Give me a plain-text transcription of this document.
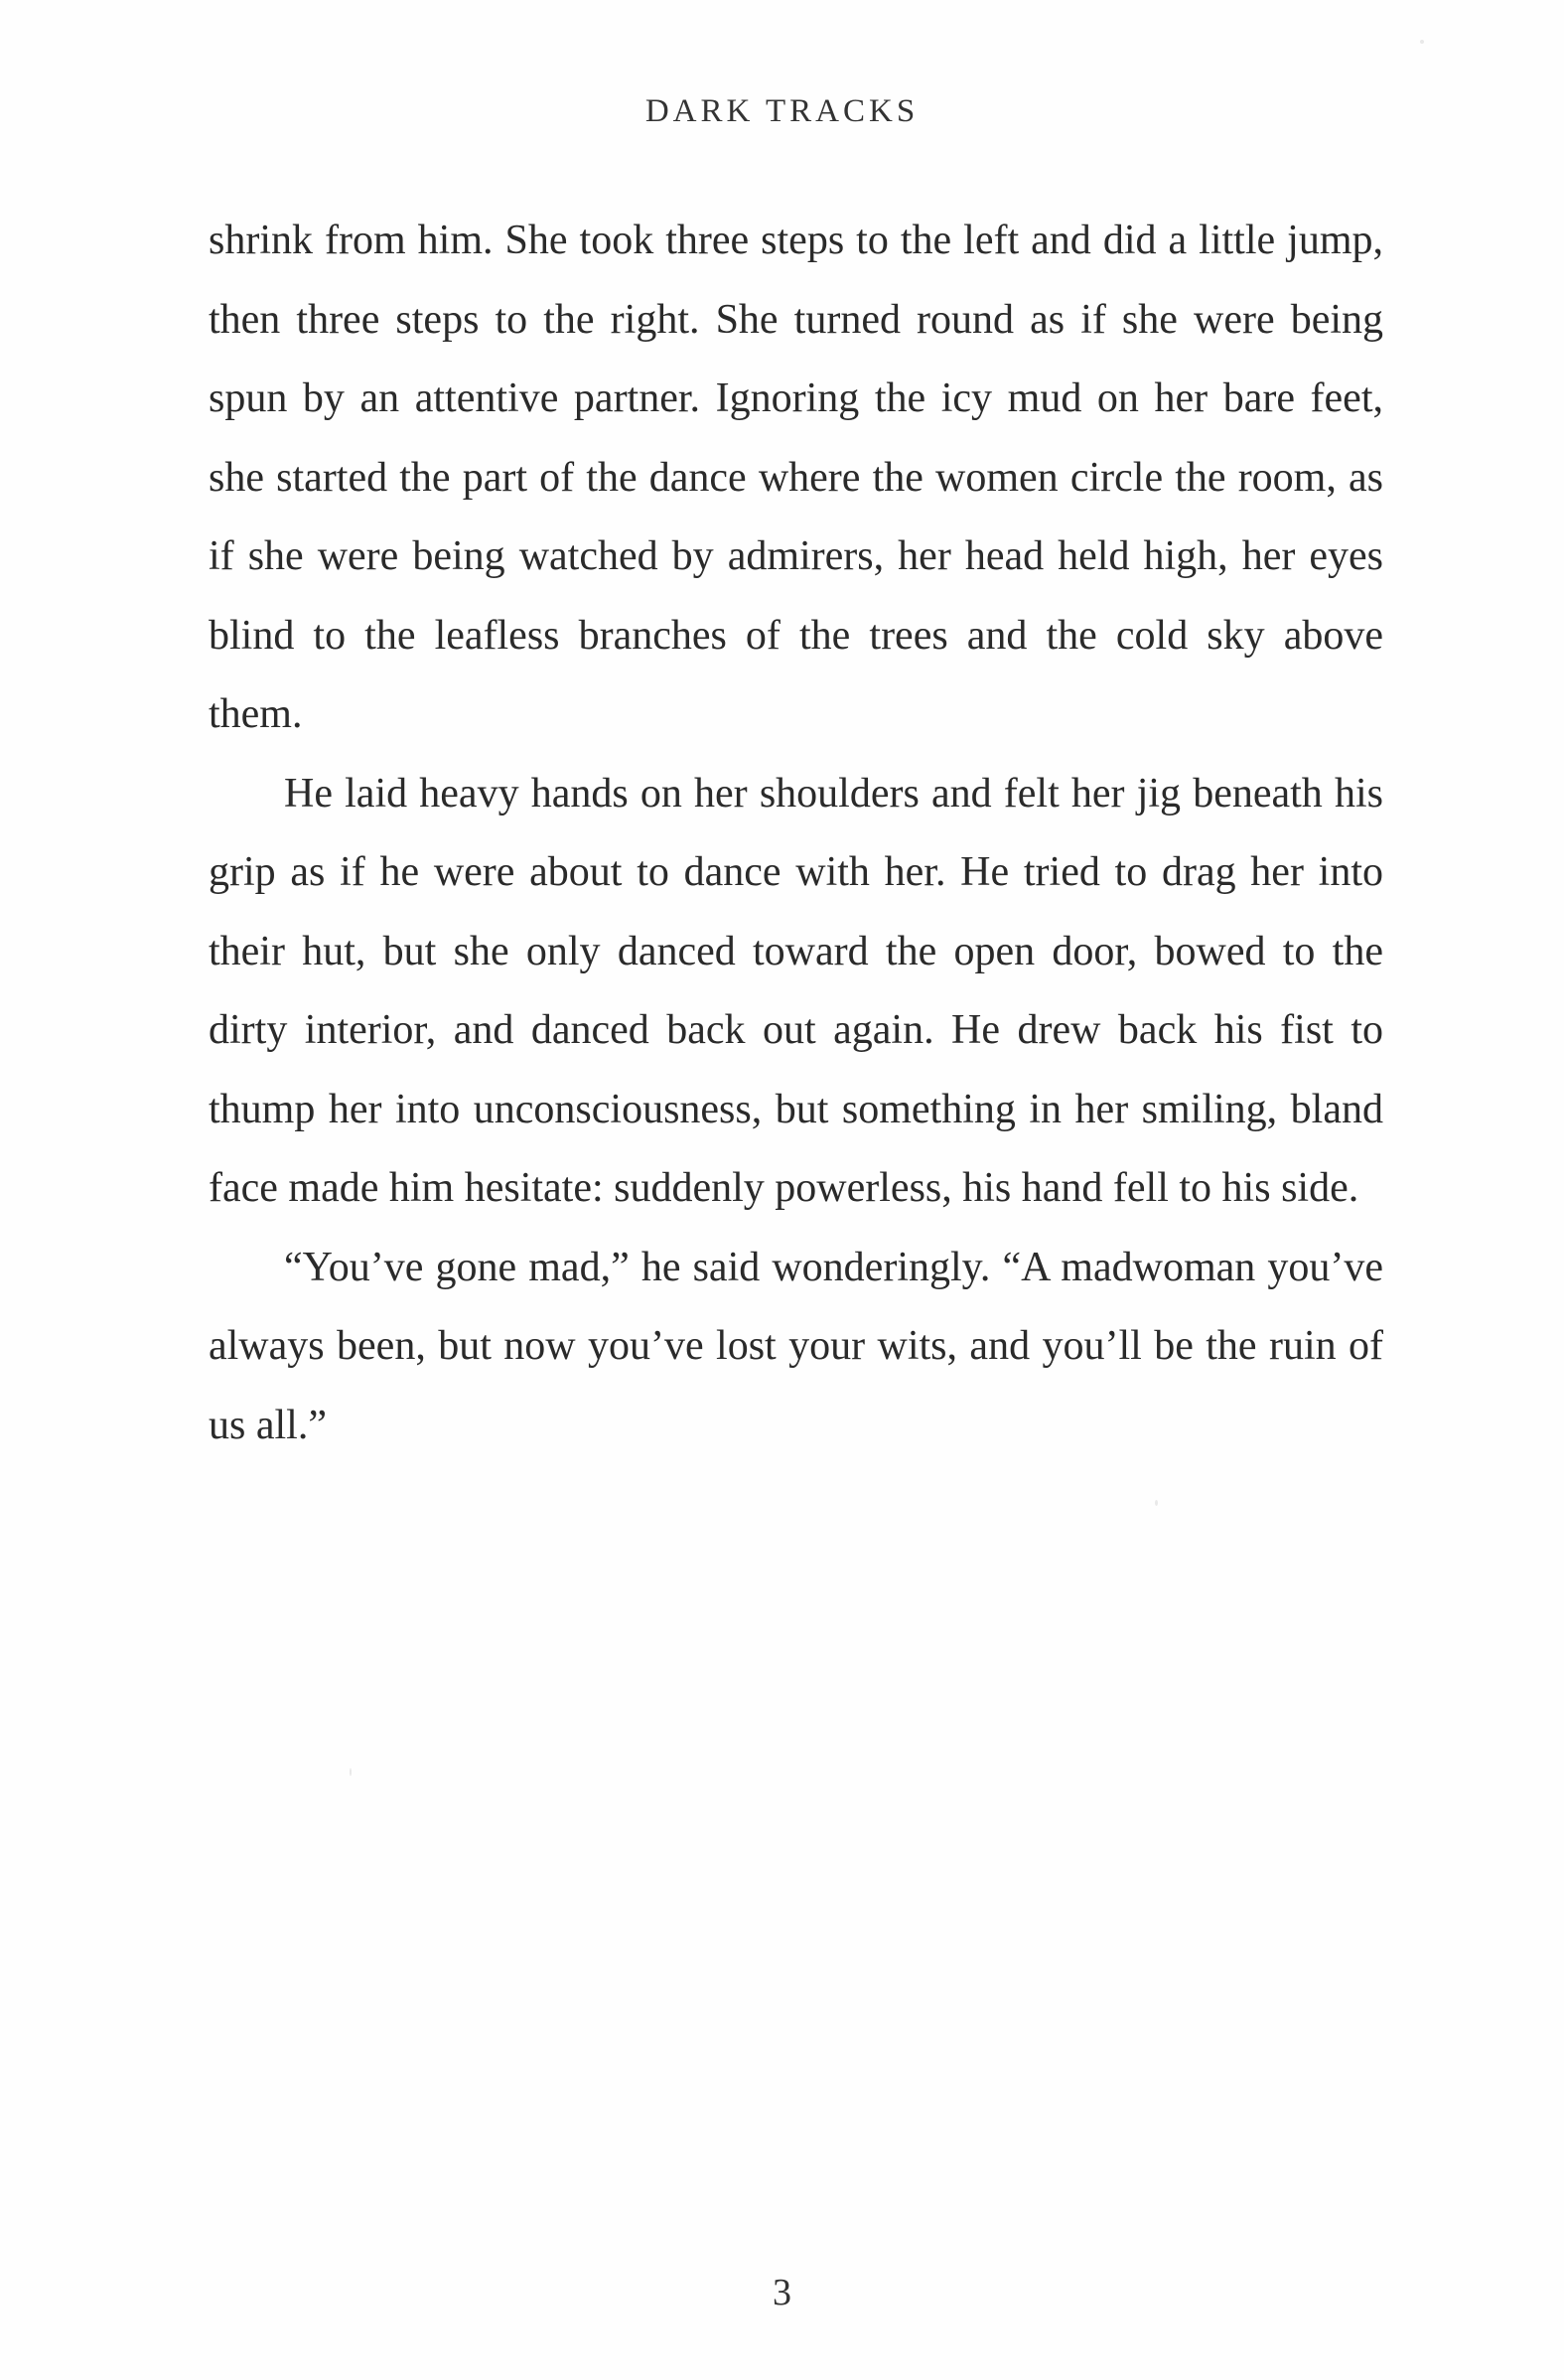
DARK TRACKS

shrink from him. She took three steps to the left and did a little jump, then three steps to the right. She turned round as if she were being spun by an attentive partner. Ignoring the icy mud on her bare feet, she started the part of the dance where the women circle the room, as if she were being watched by admirers, her head held high, her eyes blind to the leafless branches of the trees and the cold sky above them.

He laid heavy hands on her shoulders and felt her jig beneath his grip as if he were about to dance with her. He tried to drag her into their hut, but she only danced toward the open door, bowed to the dirty interior, and danced back out again. He drew back his fist to thump her into unconsciousness, but something in her smiling, bland face made him hesitate: suddenly powerless, his hand fell to his side.

“You’ve gone mad,” he said wonderingly. “A madwoman you’ve always been, but now you’ve lost your wits, and you’ll be the ruin of us all.”

3
